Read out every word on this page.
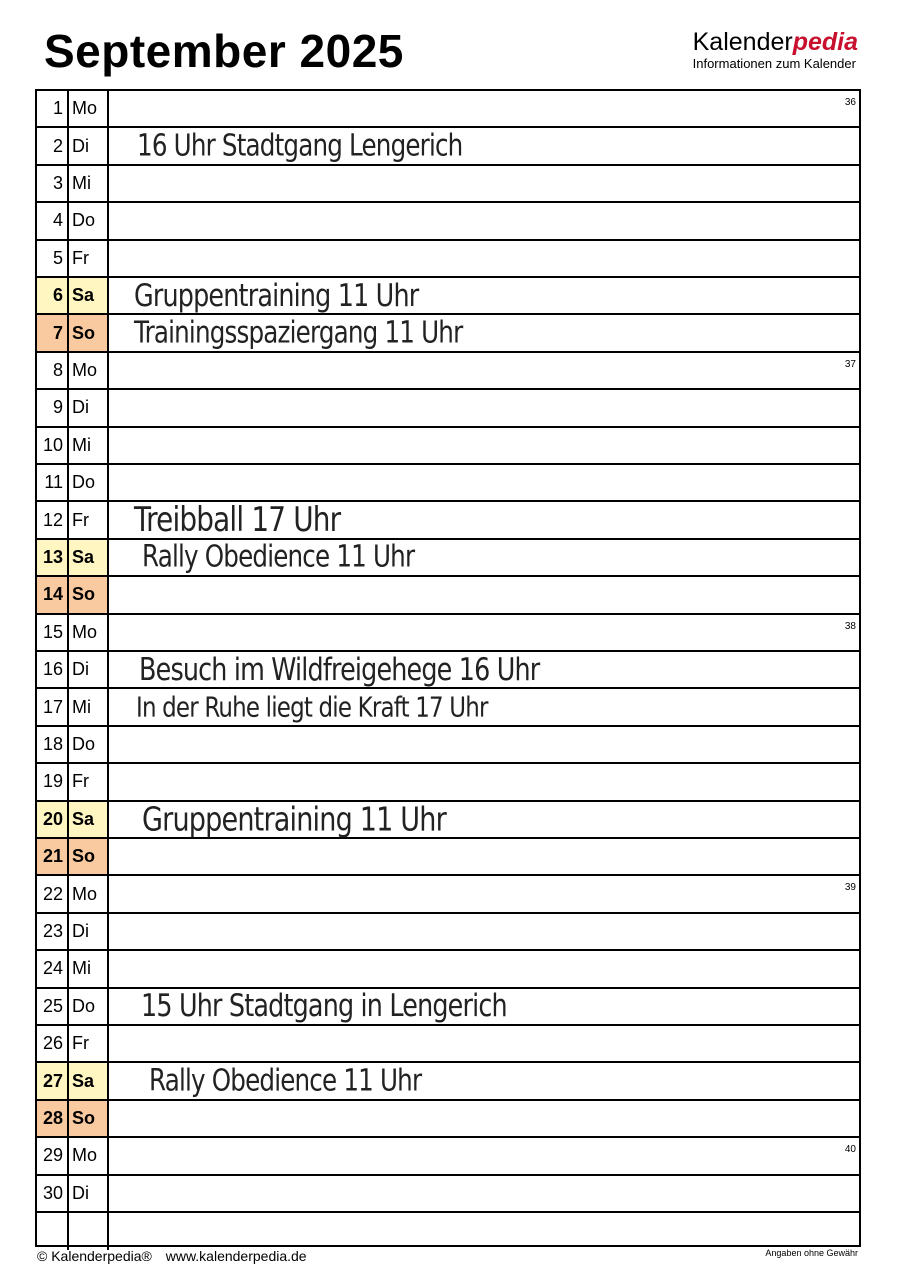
September 2025	Kalenderpedia
Informationen zum Kalender
1 Mo	36
2 Di	16 Uhr Stadtgang Lengerich
3 Mi
4 Do
5 Fr
6 Sa	Gruppentraining 11 Uhr
7 So	Trainingsspaziergang 11 Uhr
8 Mo	37
9 Di
10 Mi
11 Do
12 Fr	Treibball 17 Uhr
13 Sa	Rally Obedience 11 Uhr
14 So
15 Mo	38
16 Di	Besuch im Wildfreigehege 16 Uhr
17 Mi	In der Ruhe liegt die Kraft 17 Uhr
18 Do
19 Fr
20 Sa	Gruppentraining 11 Uhr
21 So
22 Mo	39
23 Di
24 Mi
25 Do	15 Uhr Stadtgang in Lengerich
26 Fr
27 Sa	Rally Obedience 11 Uhr
28 So
29 Mo	40
30 Di
© Kalenderpedia® www.kalenderpedia.de	Angaben ohne Gewähr
